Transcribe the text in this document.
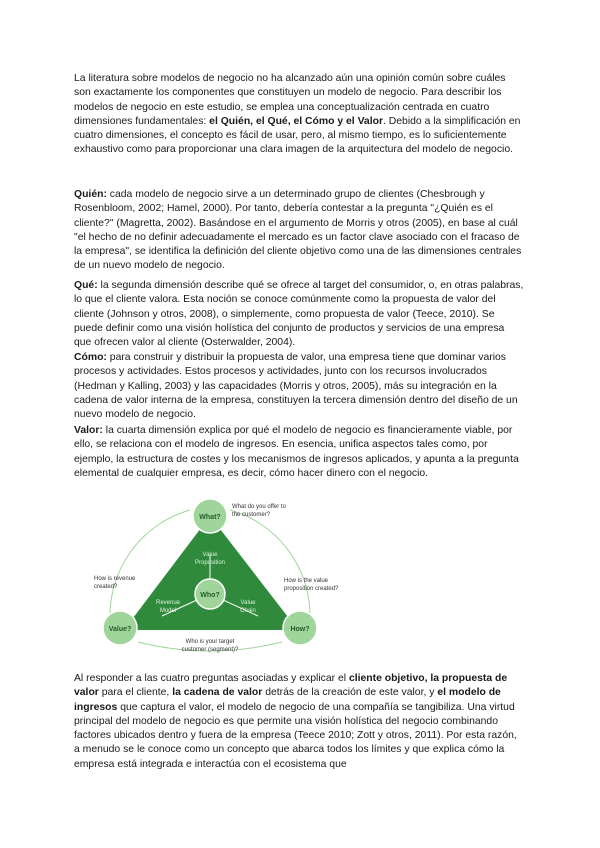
La literatura sobre modelos de negocio no ha alcanzado aún una opinión común sobre cuáles son exactamente los componentes que constituyen un modelo de negocio. Para describir los modelos de negocio en este estudio, se emplea una conceptualización centrada en cuatro dimensiones fundamentales: el Quién, el Qué, el Cómo y el Valor. Debido a la simplificación en cuatro dimensiones, el concepto es fácil de usar, pero, al mismo tiempo, es lo suficientemente exhaustivo como para proporcionar una clara imagen de la arquitectura del modelo de negocio.

Quién: cada modelo de negocio sirve a un determinado grupo de clientes (Chesbrough y Rosenbloom, 2002; Hamel, 2000). Por tanto, debería contestar a la pregunta "¿Quién es el cliente?" (Magretta, 2002). Basándose en el argumento de Morris y otros (2005), en base al cuál "el hecho de no definir adecuadamente el mercado es un factor clave asociado con el fracaso de la empresa", se identifica la definición del cliente objetivo como una de las dimensiones centrales de un nuevo modelo de negocio.

Qué: la segunda dimensión describe qué se ofrece al target del consumidor, o, en otras palabras, lo que el cliente valora. Esta noción se conoce comúnmente como la propuesta de valor del cliente (Johnson y otros, 2008), o simplemente, como propuesta de valor (Teece, 2010). Se puede definir como una visión holística del conjunto de productos y servicios de una empresa que ofrecen valor al cliente (Osterwalder, 2004).

Cómo: para construir y distribuir la propuesta de valor, una empresa tiene que dominar varios procesos y actividades. Estos procesos y actividades, junto con los recursos involucrados (Hedman y Kalling, 2003) y las capacidades (Morris y otros, 2005), más su integración en la cadena de valor interna de la empresa, constituyen la tercera dimensión dentro del diseño de un nuevo modelo de negocio.

Valor: la cuarta dimensión explica por qué el modelo de negocio es financieramente viable, por ello, se relaciona con el modelo de ingresos. En esencia, unifica aspectos tales como, por ejemplo, la estructura de costes y los mecanismos de ingresos aplicados, y apunta a la pregunta elemental de cualquier empresa, es decir, cómo hacer dinero con el negocio.

Value
Proposition
Revenue
Model
Value
Chain
What?
Who?
Value?	How?
What do you offer to
the customer?
How is revenue
created?
How is the value
proposition created?
Who is your target
customer (segment)?

Al responder a las cuatro preguntas asociadas y explicar el cliente objetivo, la propuesta de valor para el cliente, la cadena de valor detrás de la creación de este valor, y el modelo de ingresos que captura el valor, el modelo de negocio de una compañía se tangibiliza. Una virtud principal del modelo de negocio es que permite una visión holística del negocio combinando factores ubicados dentro y fuera de la empresa (Teece 2010; Zott y otros, 2011). Por esta razón, a menudo se le conoce como un concepto que abarca todos los límites y que explica cómo la empresa está integrada e interactúa con el ecosistema que
